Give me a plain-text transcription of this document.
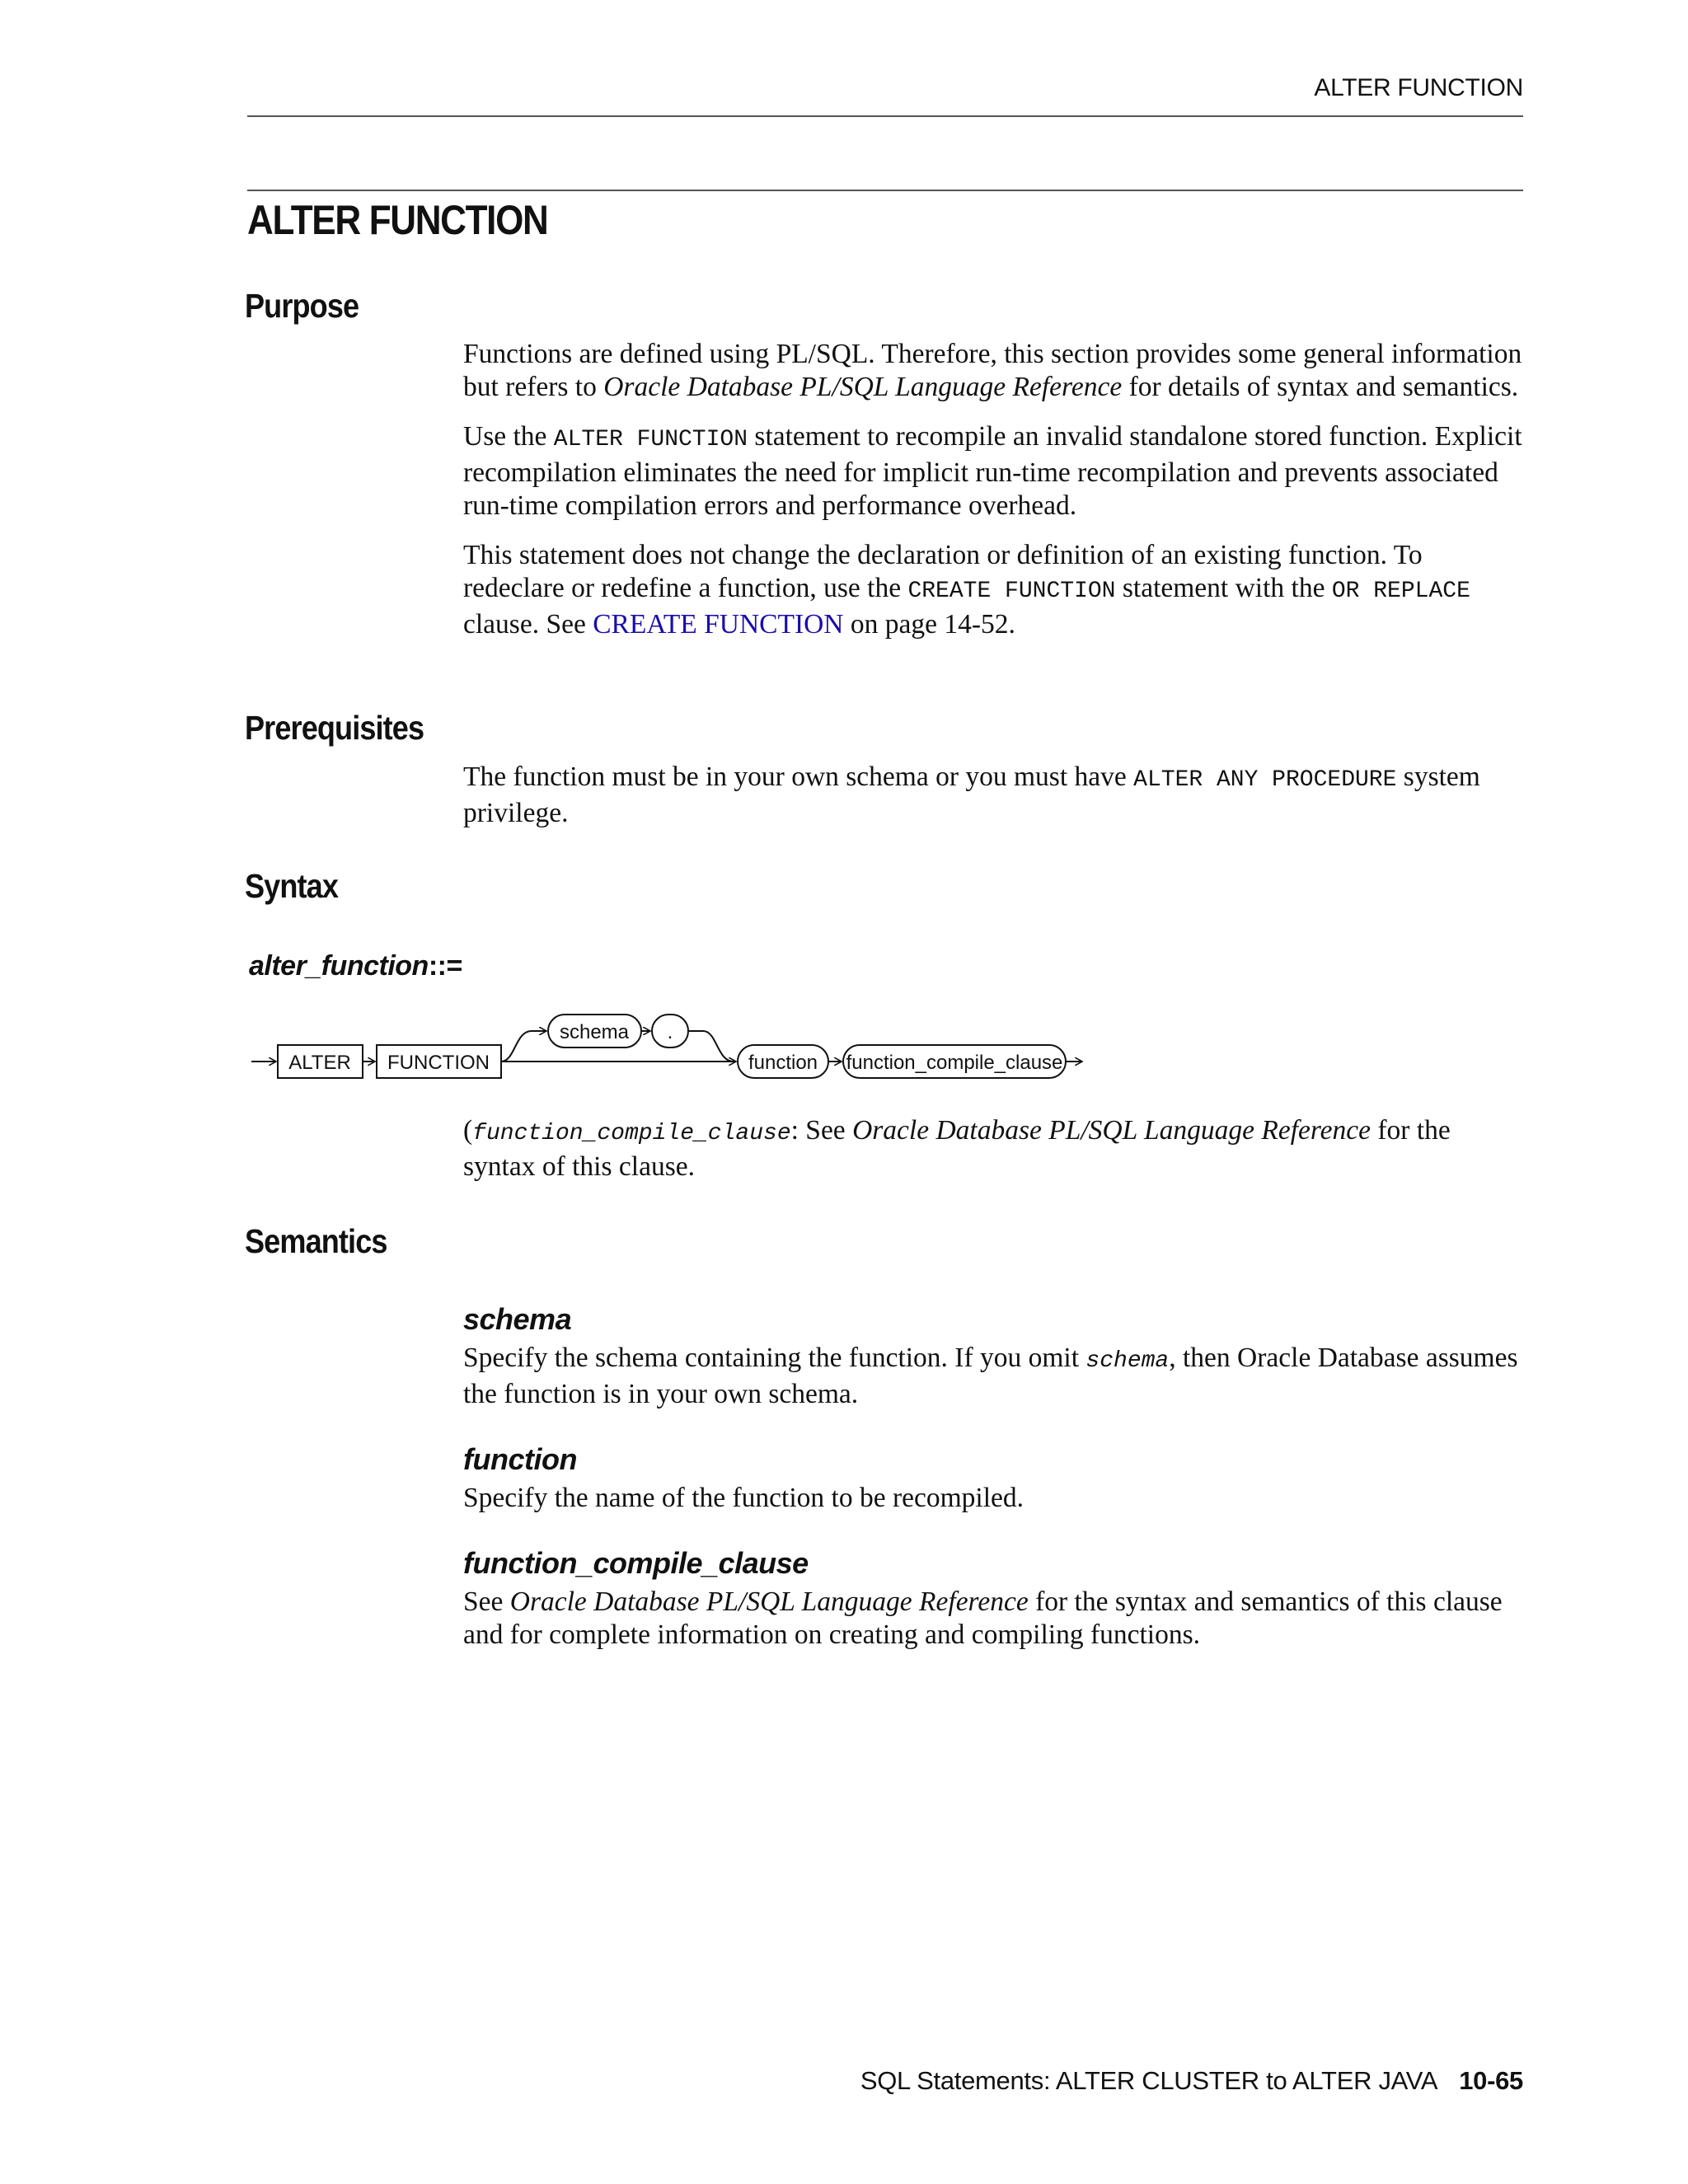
ALTER FUNCTION
ALTER FUNCTION
Purpose

Functions are defined using PL/SQL. Therefore, this section provides some general information but refers to Oracle Database PL/SQL Language Reference for details of syntax and semantics.

Use the ALTER FUNCTION statement to recompile an invalid standalone stored function. Explicit recompilation eliminates the need for implicit run-time recompilation and prevents associated run-time compilation errors and performance overhead.

This statement does not change the declaration or definition of an existing function. To redeclare or redefine a function, use the CREATE FUNCTION statement with the OR REPLACE clause. See CREATE FUNCTION on page 14-52.

Prerequisites

The function must be in your own schema or you must have ALTER ANY PROCEDURE system privilege.

Syntax
alter_function::=
ALTER FUNCTION
schema .
function function_compile_clause

(function_compile_clause: See Oracle Database PL/SQL Language Reference for the syntax of this clause.

Semantics
schema

Specify the schema containing the function. If you omit schema, then Oracle Database assumes the function is in your own schema.

function

Specify the name of the function to be recompiled.

function_compile_clause

See Oracle Database PL/SQL Language Reference for the syntax and semantics of this clause and for complete information on creating and compiling functions.

SQL Statements: ALTER CLUSTER to ALTER JAVA 10-65
